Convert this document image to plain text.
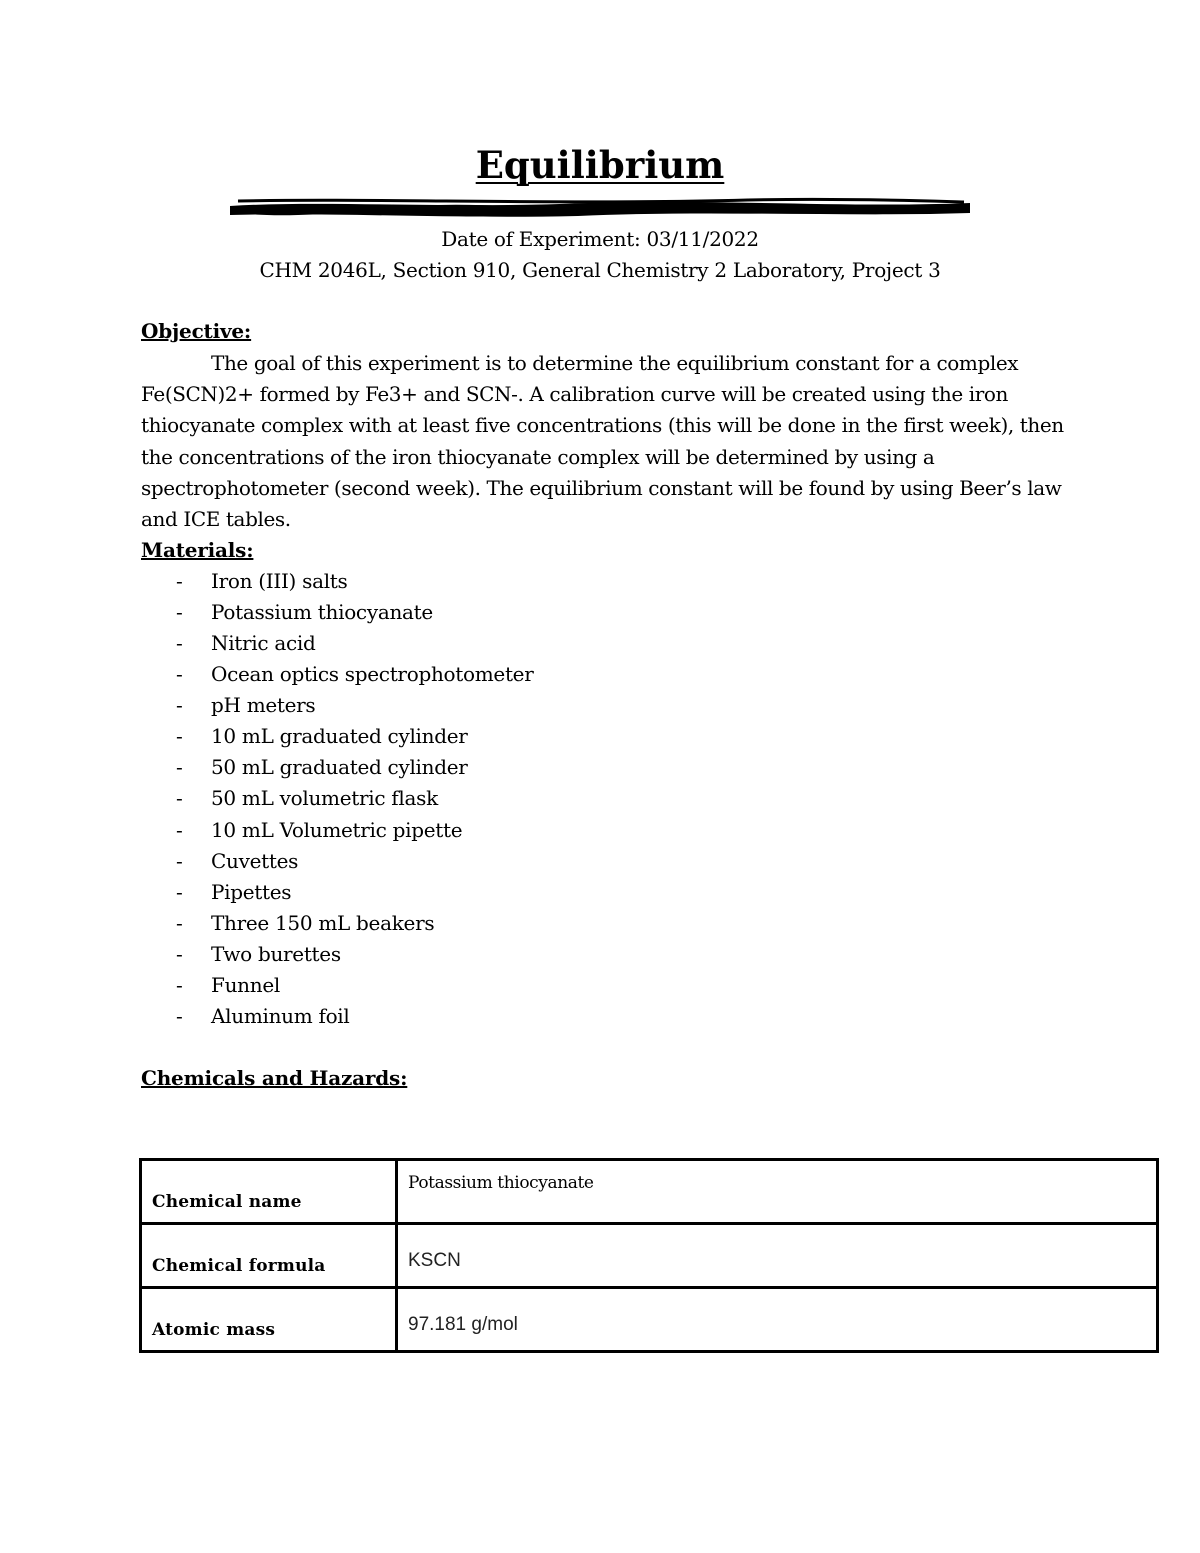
Equilibrium
Date of Experiment: 03/11/2022
CHM 2046L, Section 910, General Chemistry 2 Laboratory, Project 3
Objective:

The goal of this experiment is to determine the equilibrium constant for a complex
Fe(SCN)2+ formed by Fe3+ and SCN-. A calibration curve will be created using the iron
thiocyanate complex with at least five concentrations (this will be done in the first week), then
the concentrations of the iron thiocyanate complex will be determined by using a
spectrophotometer (second week). The equilibrium constant will be found by using Beer’s law
and ICE tables.

Materials:
- Iron (III) salts
- Potassium thiocyanate
- Nitric acid
- Ocean optics spectrophotometer
- pH meters
- 10 mL graduated cylinder
- 50 mL graduated cylinder
- 50 mL volumetric flask
- 10 mL Volumetric pipette
- Cuvettes
- Pipettes
- Three 150 mL beakers
- Two burettes
- Funnel
- Aluminum foil
Chemicals and Hazards:
Chemical name	Potassium thiocyanate
Chemical formula	KSCN
Atomic mass	97.181 g/mol
